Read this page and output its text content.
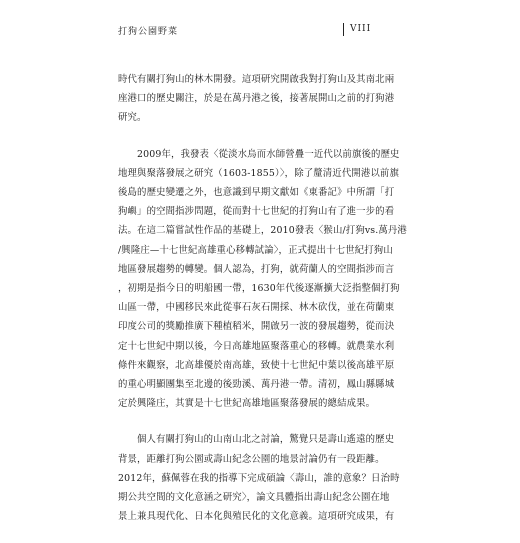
打狗公園野菜	VIII

時代有關打狗山的林木開發。這項研究開啟我對打狗山及其南北兩
座港口的歷史關注，於是在萬丹港之後，接著展開山之前的打狗港
研究。

2009年，我發表〈從淡水烏而水師營疊一近代以前旗後的歷史
地理與聚落發展之研究（1603-1855）〉，除了釐清近代開港以前旗
後島的歷史變遷之外，也意識到早期文獻如《東番記》中所謂「打
狗嶼」的空間指涉問題，從而對十七世紀的打狗山有了進一步的看
法。在這二篇嘗試性作品的基礎上，2010發表〈猴山/打狗vs.萬丹港
/興隆庄—十七世紀高雄重心移轉試論〉，正式提出十七世紀打狗山
地區發展趨勢的轉變。個人認為，打狗，就荷蘭人的空間指涉而言
，初期是指今日的明船國一帶，1630年代後逐漸擴大泛指整個打狗
山區一帶，中國移民來此從事石灰石開採、林木砍伐，並在荷蘭東
印度公司的獎勵推廣下種植稻米，開啟另一波的發展趨勢，從而決
定十七世紀中期以後，今日高雄地區聚落重心的移轉。就農業水利
條件來觀察，北高雄優於南高雄，致使十七世紀中葉以後高雄平原
的重心明顯團集至北邊的後勁溪、萬丹港一帶。清初，鳳山縣縣城
定於興隆庄，其實是十七世紀高雄地區聚落發展的總結成果。

個人有關打狗山的山南山北之討論，驚覺只是壽山遙遠的歷史
背景，距離打狗公園或壽山紀念公園的地景討論仍有一段距離。
2012年，蘇佩蓉在我的指導下完成碩論〈壽山，誰的意象？日治時
期公共空間的文化意涵之研究〉，論文具體指出壽山紀念公園在地
景上兼具現代化、日本化與殖民化的文化意義。這項研究成果，有
